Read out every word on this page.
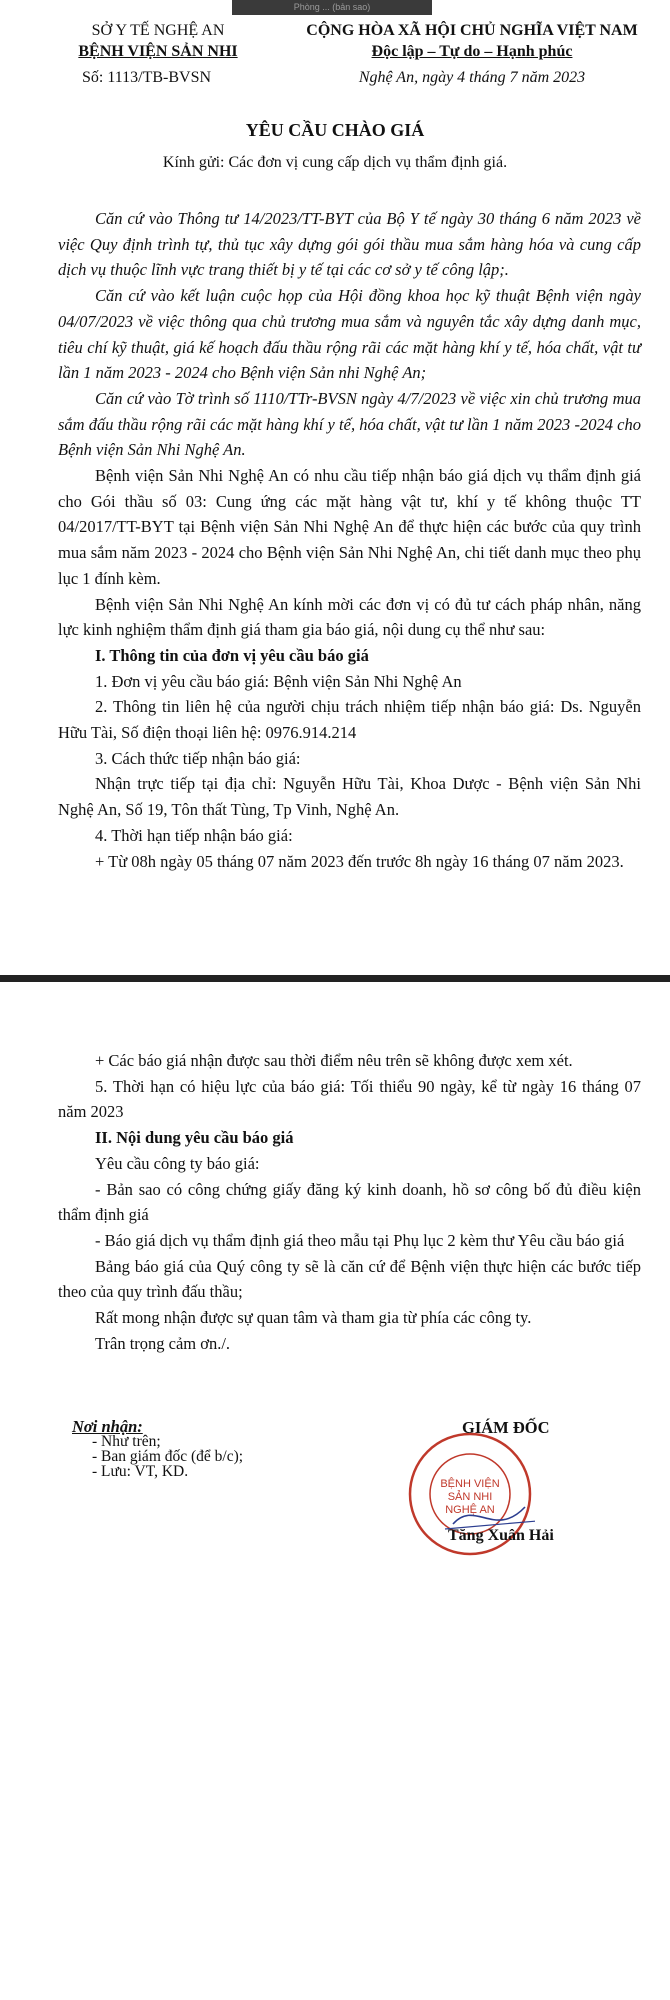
Phòng ... (bản sao)
SỞ Y TẾ NGHỆ AN
BỆNH VIỆN SẢN NHI
CỘNG HÒA XÃ HỘI CHỦ NGHĨA VIỆT NAM
Độc lập – Tự do – Hạnh phúc
Số: 1113/TB-BVSN	Nghệ An, ngày 4 tháng 7 năm 2023
YÊU CẦU CHÀO GIÁ
Kính gửi: Các đơn vị cung cấp dịch vụ thẩm định giá.

Căn cứ vào Thông tư 14/2023/TT-BYT của Bộ Y tế ngày 30 tháng 6 năm 2023 về việc Quy định trình tự, thủ tục xây dựng gói gói thầu mua sắm hàng hóa và cung cấp dịch vụ thuộc lĩnh vực trang thiết bị y tế tại các cơ sở y tế công lập;.

Căn cứ vào kết luận cuộc họp của Hội đồng khoa học kỹ thuật Bệnh viện ngày 04/07/2023 về việc thông qua chủ trương mua sắm và nguyên tắc xây dựng danh mục, tiêu chí kỹ thuật, giá kế hoạch đấu thầu rộng rãi các mặt hàng khí y tế, hóa chất, vật tư lần 1 năm 2023 - 2024 cho Bệnh viện Sản nhi Nghệ An;

Căn cứ vào Tờ trình số 1110/TTr-BVSN ngày 4/7/2023 về việc xin chủ trương mua sắm đấu thầu rộng rãi các mặt hàng khí y tế, hóa chất, vật tư lần 1 năm 2023 -2024 cho Bệnh viện Sản Nhi Nghệ An.

Bệnh viện Sản Nhi Nghệ An có nhu cầu tiếp nhận báo giá dịch vụ thẩm định giá cho Gói thầu số 03: Cung ứng các mặt hàng vật tư, khí y tế không thuộc TT 04/2017/TT-BYT tại Bệnh viện Sản Nhi Nghệ An để thực hiện các bước của quy trình mua sắm năm 2023 - 2024 cho Bệnh viện Sản Nhi Nghệ An, chi tiết danh mục theo phụ lục 1 đính kèm.

Bệnh viện Sản Nhi Nghệ An kính mời các đơn vị có đủ tư cách pháp nhân, năng lực kinh nghiệm thẩm định giá tham gia báo giá, nội dung cụ thể như sau:

I. Thông tin của đơn vị yêu cầu báo giá

1. Đơn vị yêu cầu báo giá: Bệnh viện Sản Nhi Nghệ An

2. Thông tin liên hệ của người chịu trách nhiệm tiếp nhận báo giá: Ds. Nguyễn Hữu Tài, Số điện thoại liên hệ: 0976.914.214

3. Cách thức tiếp nhận báo giá:

Nhận trực tiếp tại địa chỉ: Nguyễn Hữu Tài, Khoa Dược - Bệnh viện Sản Nhi Nghệ An, Số 19, Tôn thất Tùng, Tp Vinh, Nghệ An.

4. Thời hạn tiếp nhận báo giá:

+ Từ 08h ngày 05 tháng 07 năm 2023 đến trước 8h ngày 16 tháng 07 năm 2023.

+ Các báo giá nhận được sau thời điểm nêu trên sẽ không được xem xét.

5. Thời hạn có hiệu lực của báo giá: Tối thiểu 90 ngày, kể từ ngày 16 tháng 07 năm 2023

II. Nội dung yêu cầu báo giá

Yêu cầu công ty báo giá:

- Bản sao có công chứng giấy đăng ký kinh doanh, hồ sơ công bố đủ điều kiện thẩm định giá

- Báo giá dịch vụ thẩm định giá theo mẫu tại Phụ lục 2 kèm thư Yêu cầu báo giá

Bảng báo giá của Quý công ty sẽ là căn cứ để Bệnh viện thực hiện các bước tiếp theo của quy trình đấu thầu;

Rất mong nhận được sự quan tâm và tham gia từ phía các công ty.

Trân trọng cảm ơn./.

Nơi nhận:
- Như trên;
- Ban giám đốc (để b/c);
- Lưu: VT, KD.
BỆNH VIỆN
SẢN NHI
NGHỆ AN
GIÁM ĐỐC
Tăng Xuân Hải
